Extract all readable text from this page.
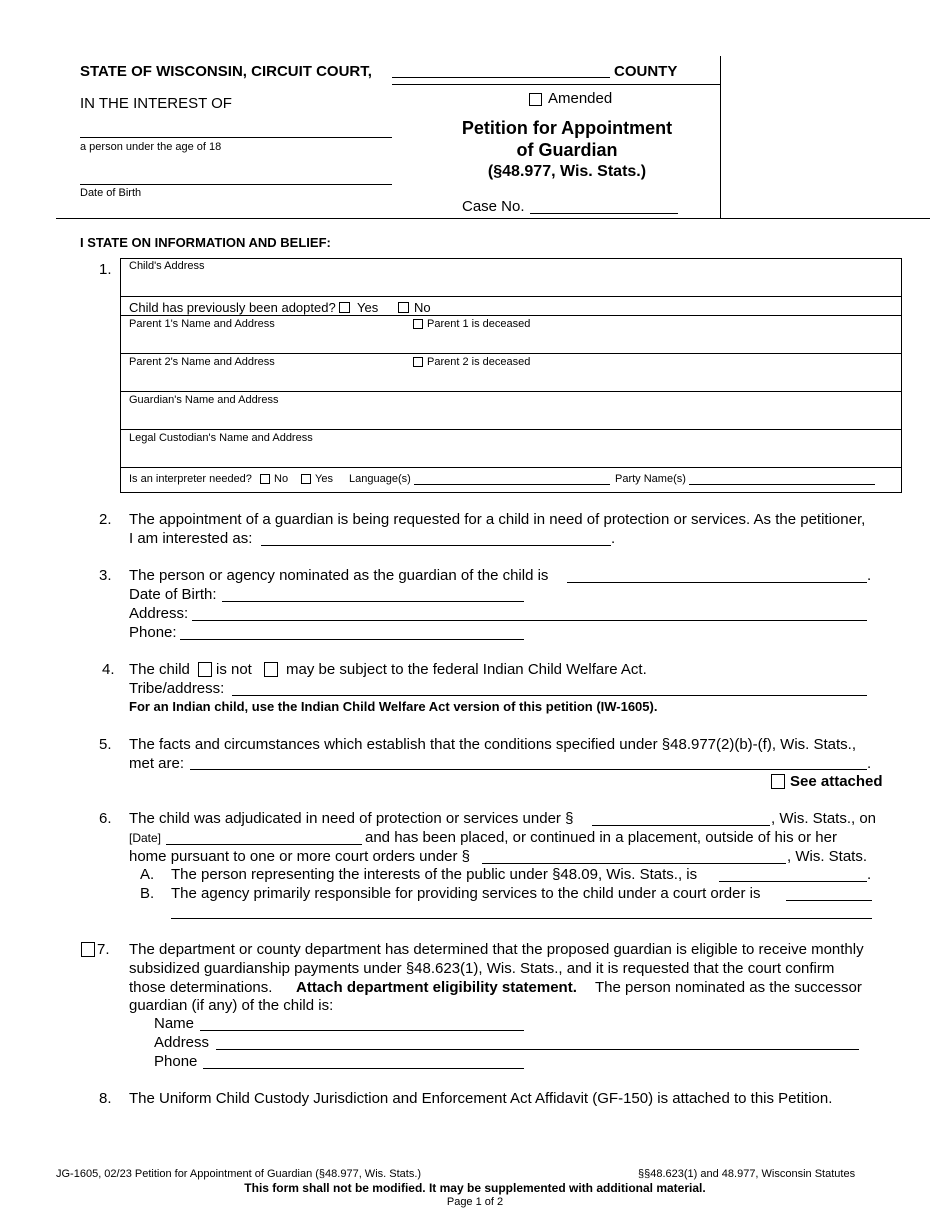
STATE OF WISCONSIN, CIRCUIT COURT,	COUNTY
IN THE INTEREST OF
a person under the age of 18
Date of Birth
Amended
Petition for Appointment
of Guardian
(§48.977, Wis. Stats.)
Case No.
I STATE ON INFORMATION AND BELIEF:
1. Child's Address
Child has previously been adopted? Yes	No
Parent 1's Name and Address	Parent 1 is deceased
Parent 2's Name and Address	Parent 2 is deceased
Guardian's Name and Address
Legal Custodian's Name and Address
Is an interpreter needed? No Yes Language(s)	Party Name(s)
2. The appointment of a guardian is being requested for a child in need of protection or services. As the petitioner,
I am interested as:	.
3. The person or agency nominated as the guardian of the child is	.
Date of Birth:
Address:
Phone:
4. The child is not may be subject to the federal Indian Child Welfare Act.
Tribe/address:
For an Indian child, use the Indian Child Welfare Act version of this petition (IW-1605).
5. The facts and circumstances which establish that the conditions specified under §48.977(2)(b)-(f), Wis. Stats.,
met are:	.
See attached
6. The child was adjudicated in need of protection or services under §	, Wis. Stats., on
[Date]	and has been placed, or continued in a placement, outside of his or her
home pursuant to one or more court orders under §	, Wis. Stats.
A. The person representing the interests of the public under §48.09, Wis. Stats., is	.
B. The agency primarily responsible for providing services to the child under a court order is
7. The department or county department has determined that the proposed guardian is eligible to receive monthly
subsidized guardianship payments under §48.623(1), Wis. Stats., and it is requested that the court confirm
those determinations. Attach department eligibility statement. The person nominated as the successor
guardian (if any) of the child is:
Name
Address
Phone
8. The Uniform Child Custody Jurisdiction and Enforcement Act Affidavit (GF-150) is attached to this Petition.
JG-1605, 02/23 Petition for Appointment of Guardian (§48.977, Wis. Stats.)	§§48.623(1) and 48.977, Wisconsin Statutes
This form shall not be modified. It may be supplemented with additional material.
Page 1 of 2
